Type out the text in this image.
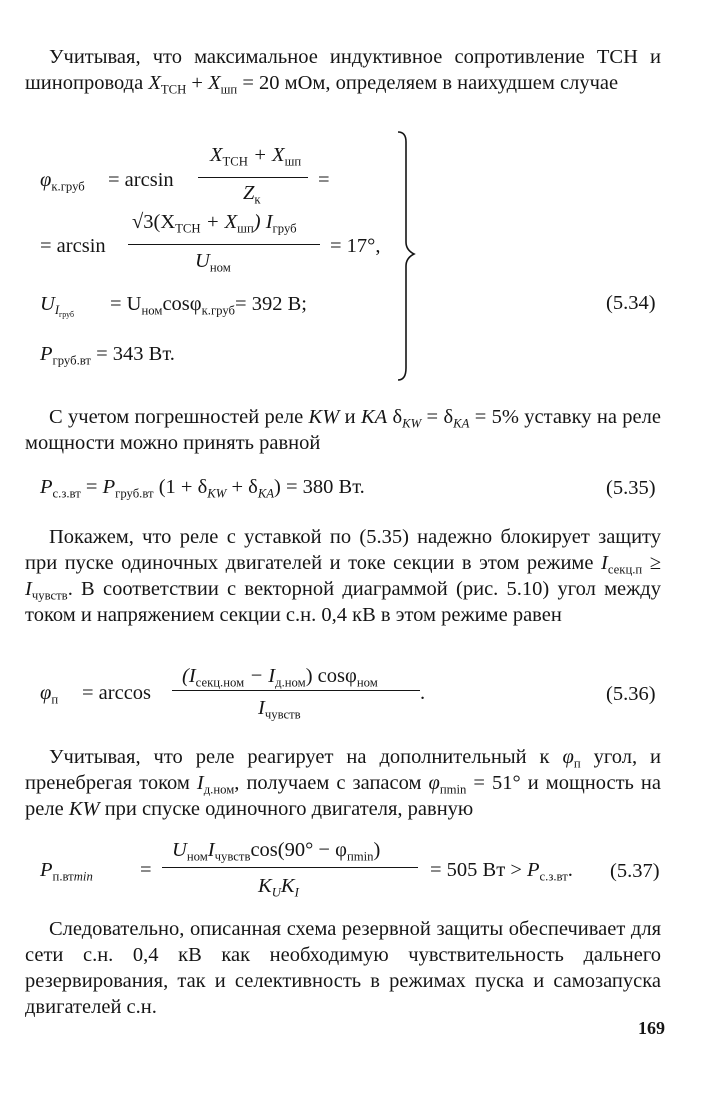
Учитывая, что максимальное индуктивное сопротивление ТСН и шинопровода $X_{ТСН} + X_{шп} = 20$ мОм, определяем в наихудшем случае
$\varphi_{к.груб} = \arcsin$
$X_{ТСН} + X_{шп}$
$Z_к$
=
= arcsin
$√3(X_{ТСН} + X_{шп})$ $I_{груб}$
$U_{ном}$
= 17°,
$U_{I_{груб}} = U_{ном}\cos\varphi_{к.груб}= 392$ В;
$P_{груб.вт} = 343$ Вт.
(5.34)
С учетом погрешностей реле KW и KA $\delta_{KW} = \delta_{KA} = 5\%$ уставку на реле мощности можно принять равной
$P_{с.з.вт} = P_{груб.вт}$ $(1 + \delta_{KW} + \delta_{KA}) = 380$ Вт.	(5.35)
Покажем, что реле с уставкой по (5.35) надежно блокирует защиту при пуске одиночных двигателей и токе секции в этом режиме $I_{секц.п} \ge I_{чувств}$. В соответствии с векторной диаграммой (рис. 5.10) угол между током и напряжением секции с.н. 0,4 кВ в этом режиме равен
$\varphi_п = \arccos$
$(I_{секц.ном} - I_{д.ном})$ cosφ$_{ном}$ .
$I_{чувств}$
(5.36)
Учитывая, что реле реагирует на дополнительный к $\varphi_п$ угол, и пренебрегая током $I_{д.ном}$, получаем с запасом $\varphi_{пmin} = 51^\circ$ и мощность на реле KW при спуске одиночного двигателя, равную
$P_{п.втmin}$ =
$U_{ном}I_{чувств}\cos(90^\circ - \varphi_{пmin})$
$K_UK_I$
= 505 Вт > $P_{с.з.вт}$. (5.37)
Следовательно, описанная схема резервной защиты обеспечивает для сети с.н. 0,4 кВ как необходимую чувствительность дальнего резервирования, так и селективность в режимах пуска и самозапуска двигателей с.н.
169
